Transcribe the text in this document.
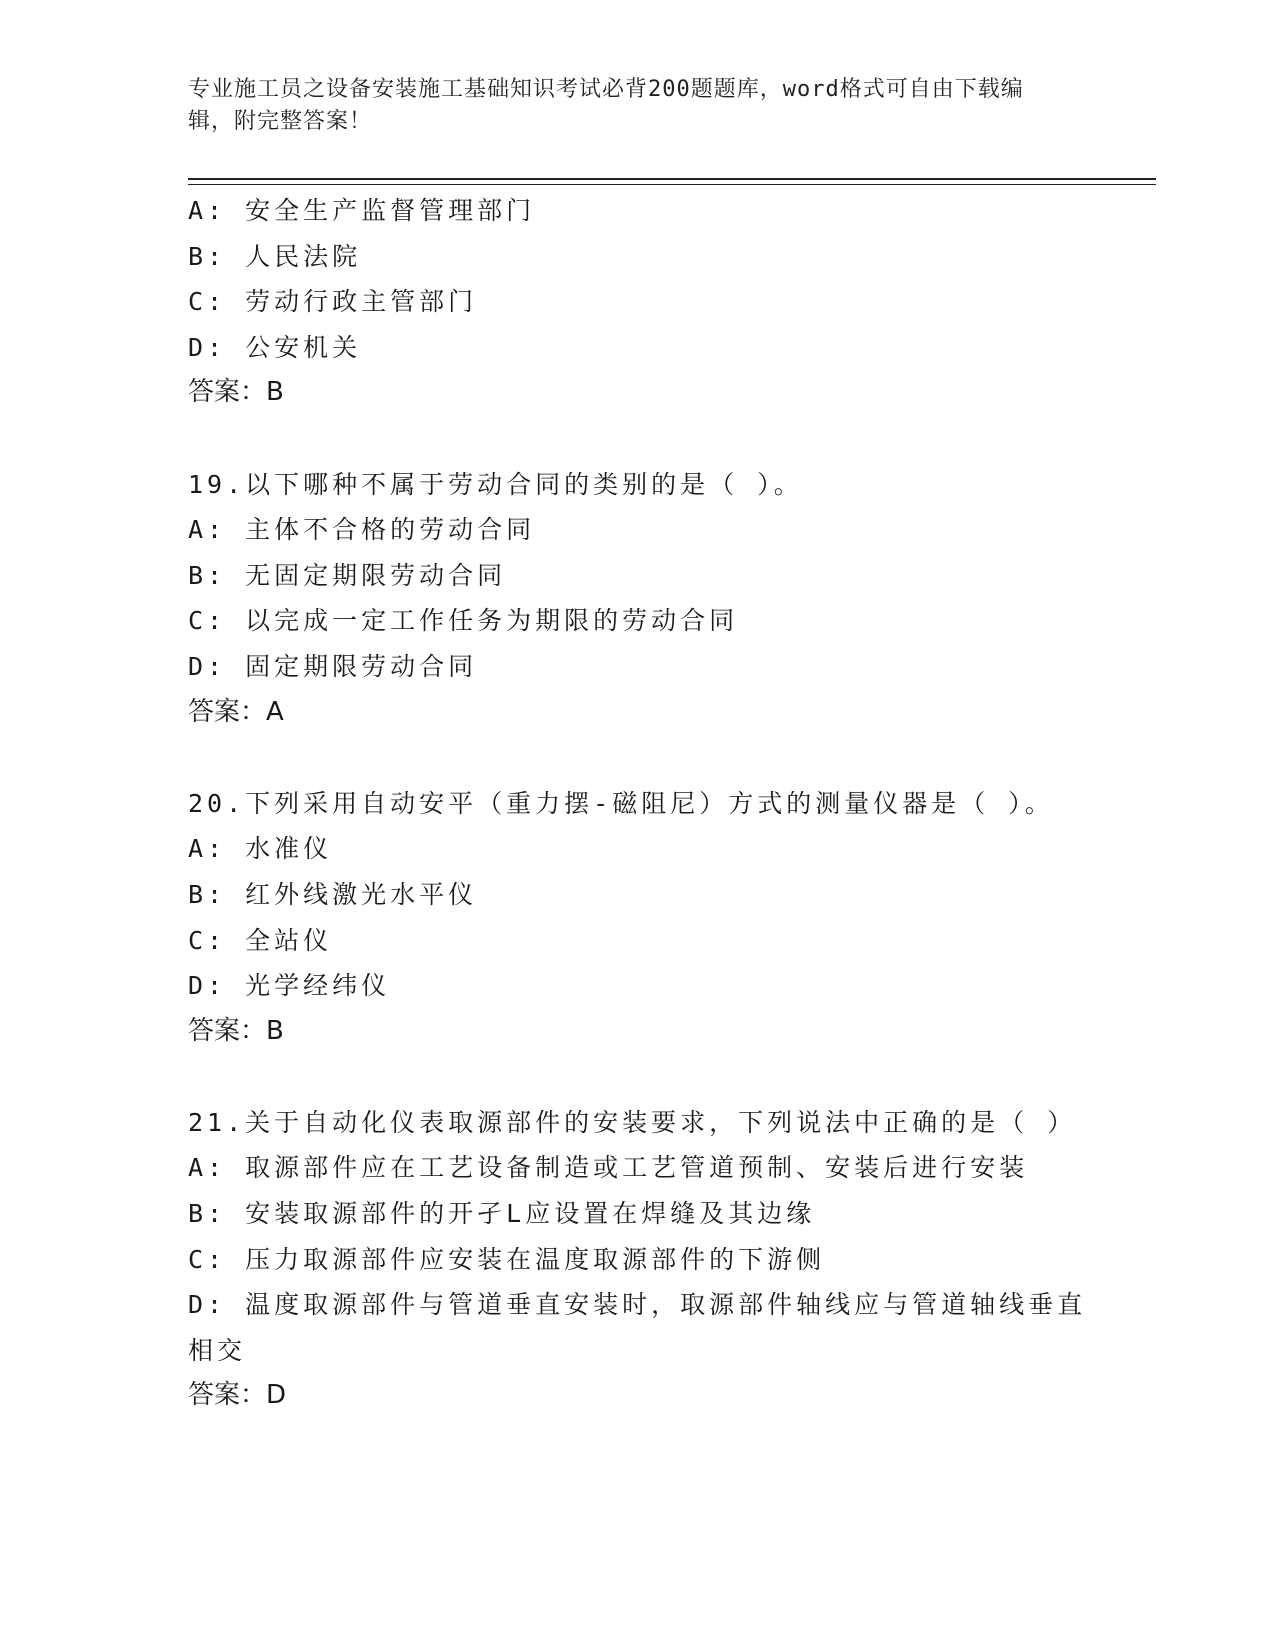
专业施工员之设备安装施工基础知识考试必背200题题库，word格式可自由下载编辑，附完整答案！
A: 安全生产监督管理部门
B: 人民法院
C: 劳动行政主管部门
D: 公安机关
答案：B
19.以下哪种不属于劳动合同的类别的是（ ）。
A: 主体不合格的劳动合同
B: 无固定期限劳动合同
C: 以完成一定工作任务为期限的劳动合同
D: 固定期限劳动合同
答案：A
20.下列采用自动安平（重力摆-磁阻尼）方式的测量仪器是（ ）。
A: 水准仪
B: 红外线激光水平仪
C: 全站仪
D: 光学经纬仪
答案：B
21.关于自动化仪表取源部件的安装要求，下列说法中正确的是（ ）
A: 取源部件应在工艺设备制造或工艺管道预制、安装后进行安装
B: 安装取源部件的开孑L应设置在焊缝及其边缘
C: 压力取源部件应安装在温度取源部件的下游侧
D: 温度取源部件与管道垂直安装时，取源部件轴线应与管道轴线垂直相交
答案：D
